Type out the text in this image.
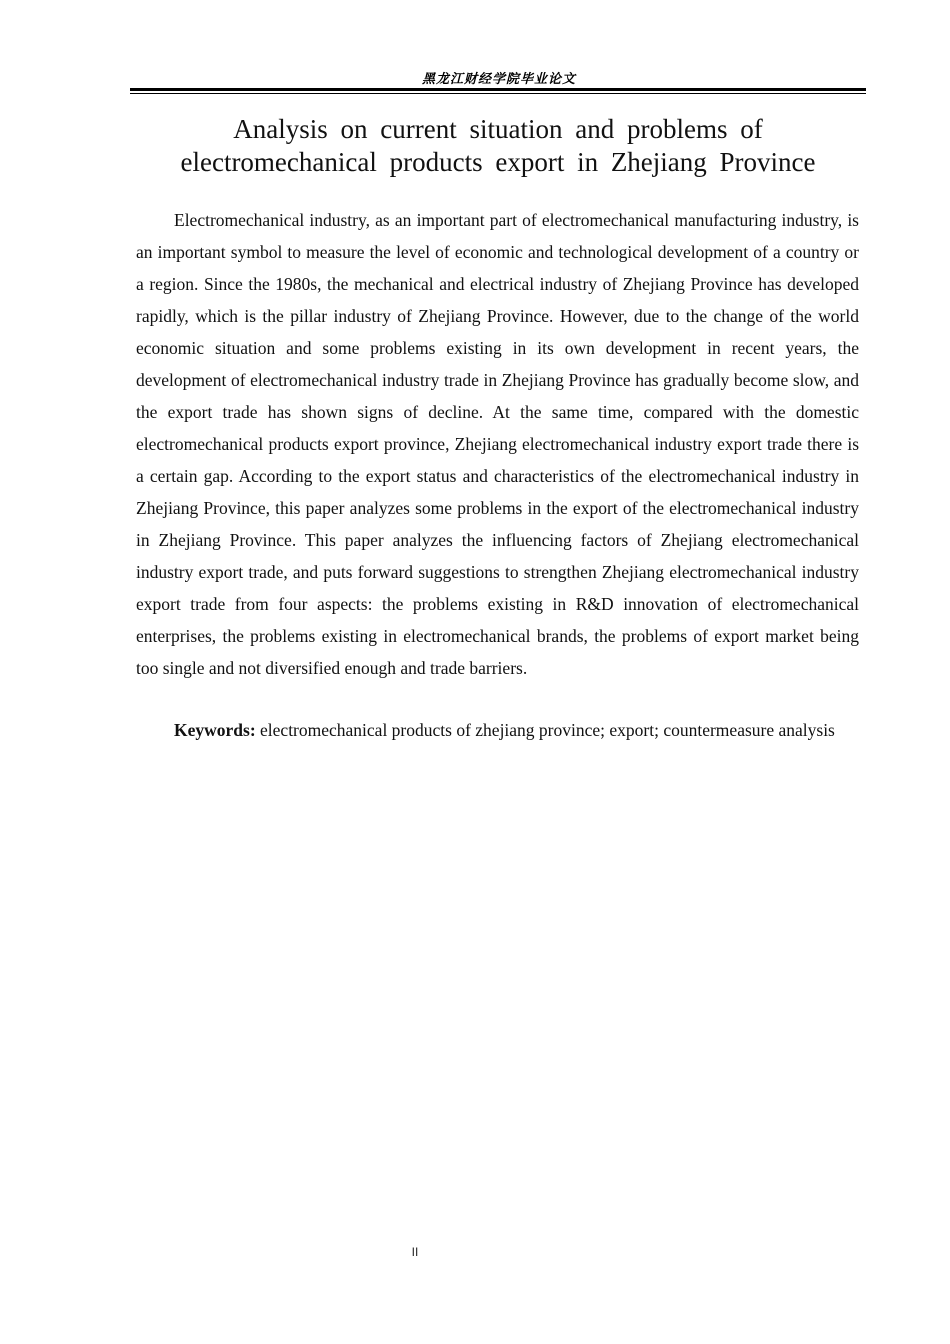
黑龙江财经学院毕业论文
Analysis on current situation and problems of
electromechanical products export in Zhejiang Province

Electromechanical industry, as an important part of electromechanical manufacturing industry, is an important symbol to measure the level of economic and technological development of a country or a region. Since the 1980s, the mechanical and electrical industry of Zhejiang Province has developed rapidly, which is the pillar industry of Zhejiang Province. However, due to the change of the world economic situation and some problems existing in its own development in recent years, the development of electromechanical industry trade in Zhejiang Province has gradually become slow, and the export trade has shown signs of decline. At the same time, compared with the domestic electromechanical products export province, Zhejiang electromechanical industry export trade there is a certain gap. According to the export status and characteristics of the electromechanical industry in Zhejiang Province, this paper analyzes some problems in the export of the electromechanical industry in Zhejiang Province. This paper analyzes the influencing factors of Zhejiang electromechanical industry export trade, and puts forward suggestions to strengthen Zhejiang electromechanical industry export trade from four aspects: the problems existing in R&D innovation of electromechanical enterprises, the problems existing in electromechanical brands, the problems of export market being too single and not diversified enough and trade barriers.

Keywords: electromechanical products of zhejiang province; export; countermeasure analysis

II
